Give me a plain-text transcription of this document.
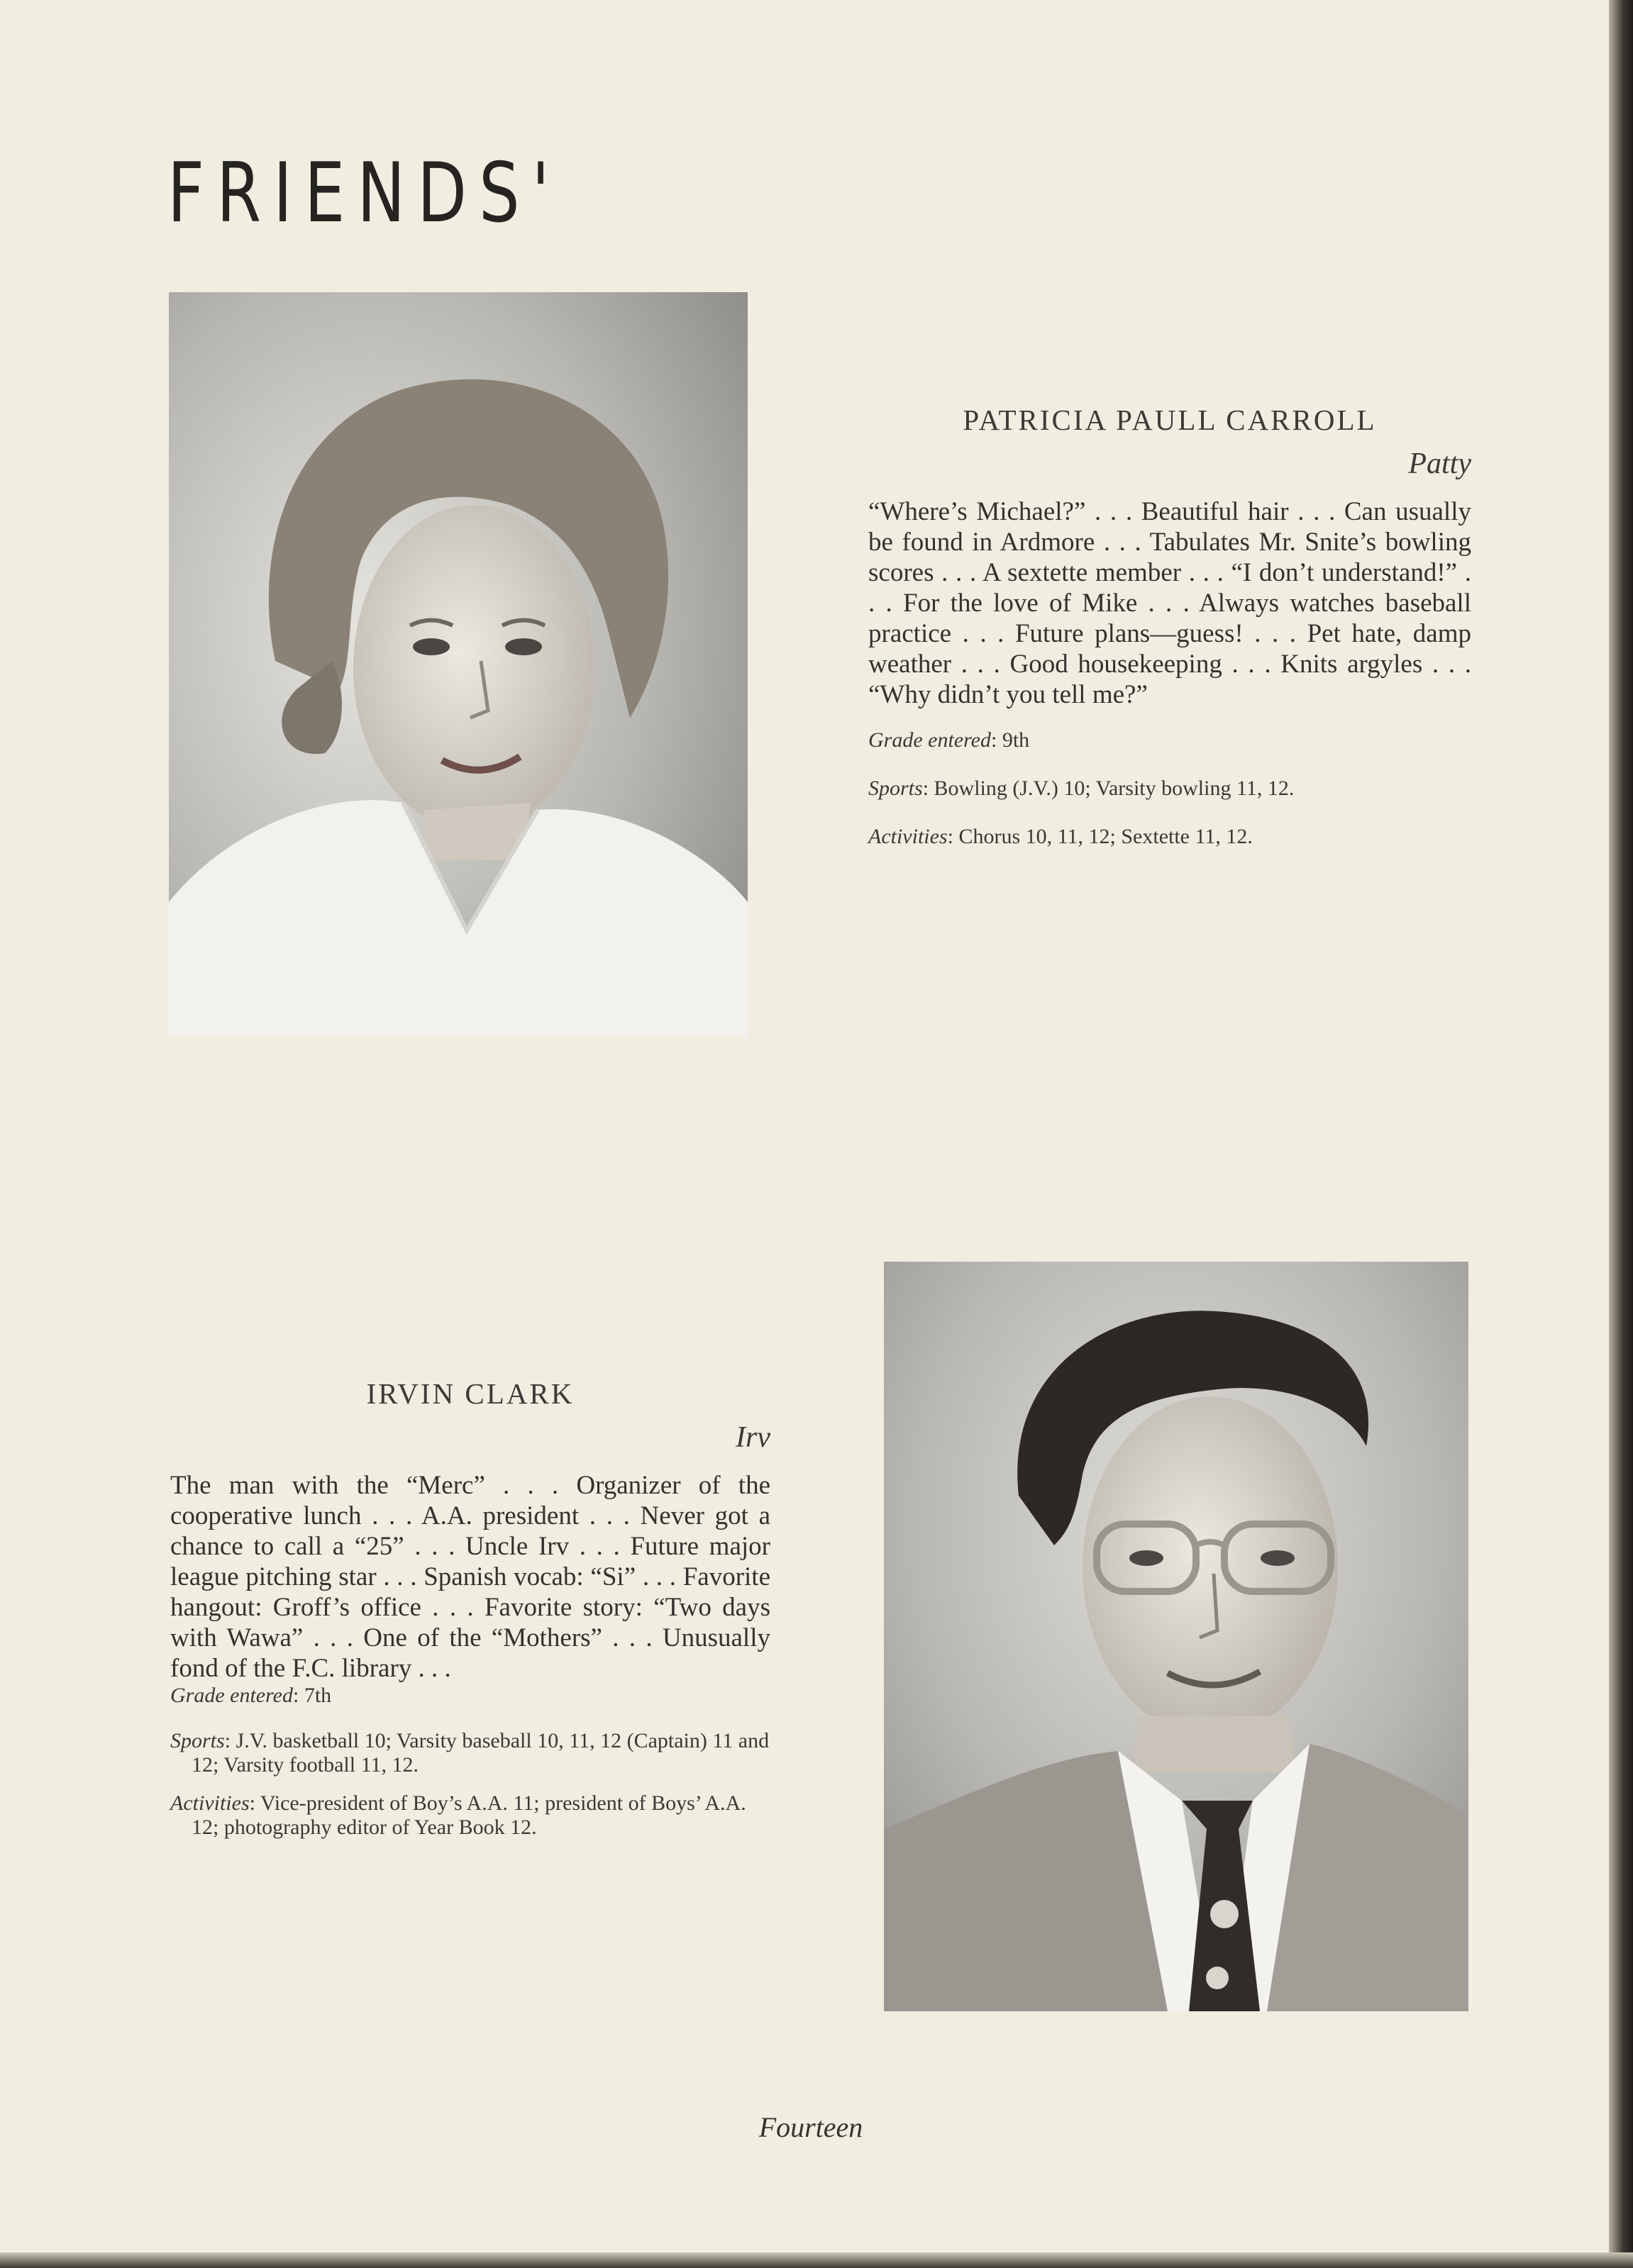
FRIENDS'

PATRICIA PAULL CARROLL

Patty

“Where’s Michael?” . . . Beautiful hair . . . Can usually be found in Ardmore . . . Tabulates Mr. Snite’s bowling scores . . . A sextette member . . . “I don’t understand!” . . . For the love of Mike . . . Always watches baseball practice . . . Future plans—guess! . . . Pet hate, damp weather . . . Good housekeeping . . . Knits argyles . . . “Why didn’t you tell me?”

Grade entered: 9th

Sports: Bowling (J.V.) 10; Varsity bowling 11, 12.

Activities: Chorus 10, 11, 12; Sextette 11, 12.

IRVIN CLARK

Irv

The man with the “Merc” . . . Organizer of the cooperative lunch . . . A.A. president . . . Never got a chance to call a “25” . . . Uncle Irv . . . Future major league pitching star . . . Spanish vocab: “Si” . . . Favorite hangout: Groff’s office . . . Favorite story: “Two days with Wawa” . . . One of the “Mothers” . . . Unusually fond of the F.C. library . . .

Grade entered: 7th

Sports: J.V. basketball 10; Varsity baseball 10, 11, 12 (Captain) 11 and 12; Varsity football 11, 12.

Activities: Vice-president of Boy’s A.A. 11; president of Boys’ A.A. 12; photography editor of Year Book 12.

Fourteen
